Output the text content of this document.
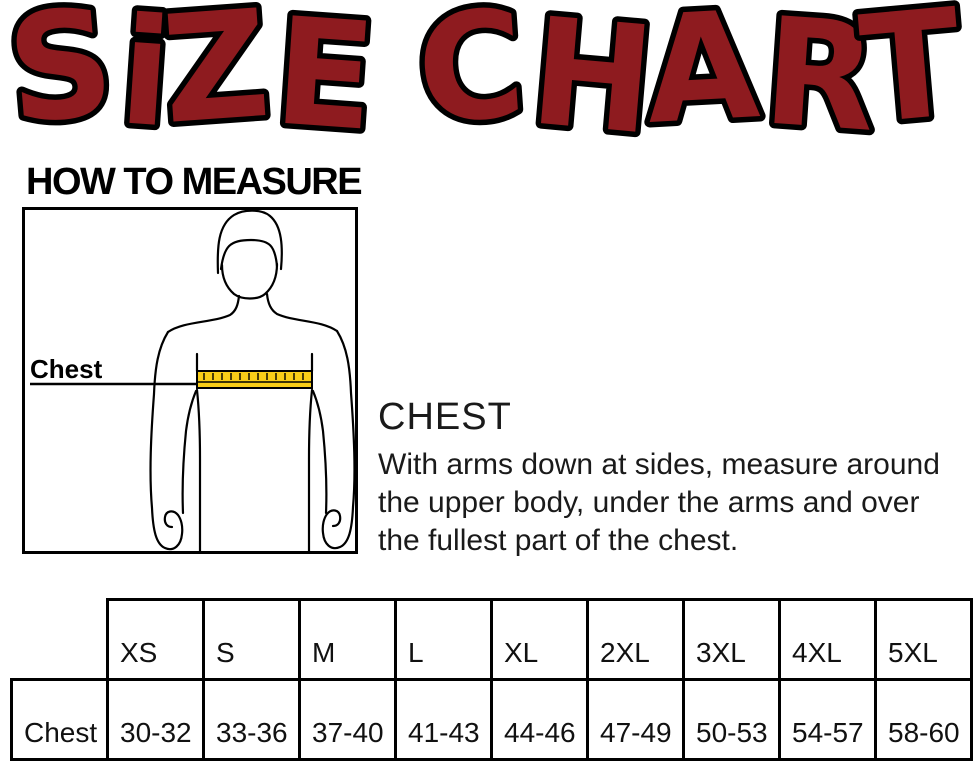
SiZE CHART
HOW TO MEASURE
Chest
CHEST
With arms down at sides, measure around the upper body, under the arms and over the fullest part of the chest.
	XS	S	M	L	XL	2XL	3XL	4XL	5XL
Chest	30-32	33-36	37-40	41-43	44-46	47-49	50-53	54-57	58-60
